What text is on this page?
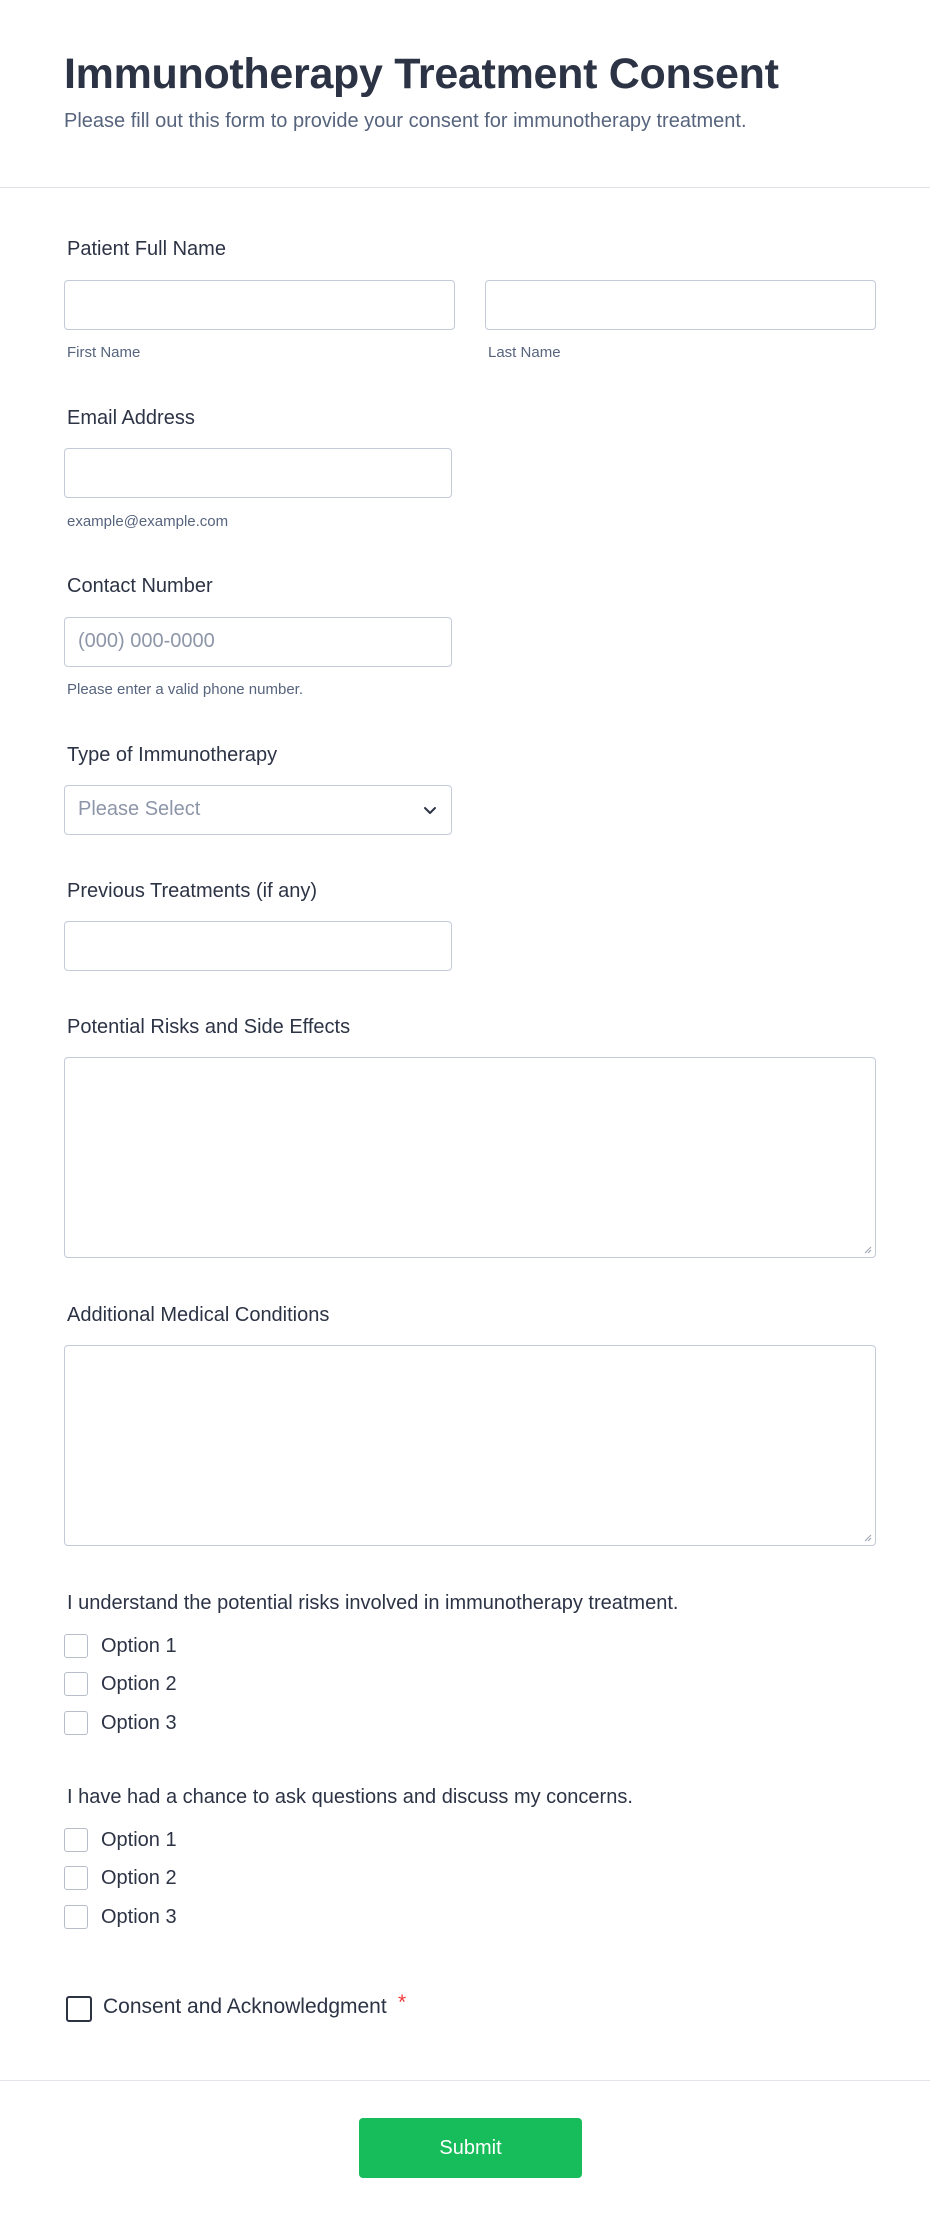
Immunotherapy Treatment Consent
Please fill out this form to provide your consent for immunotherapy treatment.
Patient Full Name
First Name	Last Name
Email Address
example@example.com
Contact Number
(000) 000-0000
Please enter a valid phone number.
Type of Immunotherapy
Please Select
Previous Treatments (if any)
Potential Risks and Side Effects
Additional Medical Conditions
I understand the potential risks involved in immunotherapy treatment.
Option 1
Option 2
Option 3
I have had a chance to ask questions and discuss my concerns.
Option 1
Option 2
Option 3
Consent and Acknowledgment *
Submit
